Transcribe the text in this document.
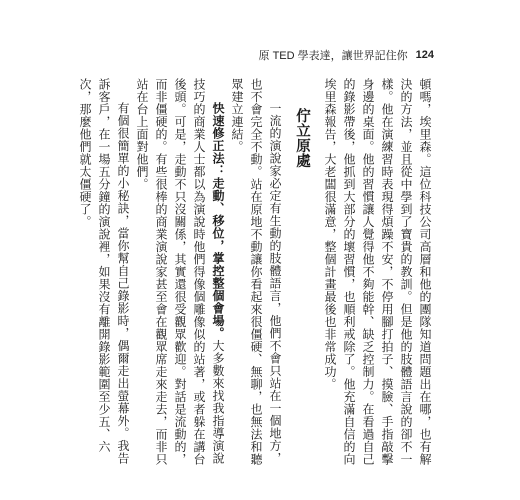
原 TED 學表達，讓世界記住你 124

頓嗎，埃里森。這位科技公司高層和他的團隊知道問題出在哪，也有解決的方法，並且從中學到了寶貴的教訓。但是他的肢體語言說的卻不一樣。他在演練習時表現得煩躁不安，不停用腳打拍子、摸臉、手指敲擊身邊的桌面。他的習慣讓人覺得他不夠能幹、缺乏控制力。在看過自己的錄影帶後，他抓到大部分的壞習慣，也順利戒除了。他充滿自信的向埃里森報告，大老闆很滿意，整個計畫最後也非常成功。

佇立原處

一流的演說家必定有生動的肢體語言，他們不會只站在一個地方，也不會完全不動。站在原地不動讓你看起來很僵硬、無聊，也無法和聽眾建立連結。

快速修正法：走動、移位，掌控整個會場。大多數來找我指導演說技巧的商業人士都以為演說時他們得像個雕像似的站著，或者躲在講台後頭。可是，走動不只沒關係，其實還很受觀眾歡迎。對話是流動的，而非僵硬的。有些很棒的商業演說家甚至會在觀眾席走來走去，而非只站在台上面對他們。

有個很簡單的小秘訣，當你幫自己錄影時，偶爾走出螢幕外。我告訴客戶，在一場五分鐘的演說裡，如果沒有離開錄影範圍至少五、六次，那麼他們就太僵硬了。
